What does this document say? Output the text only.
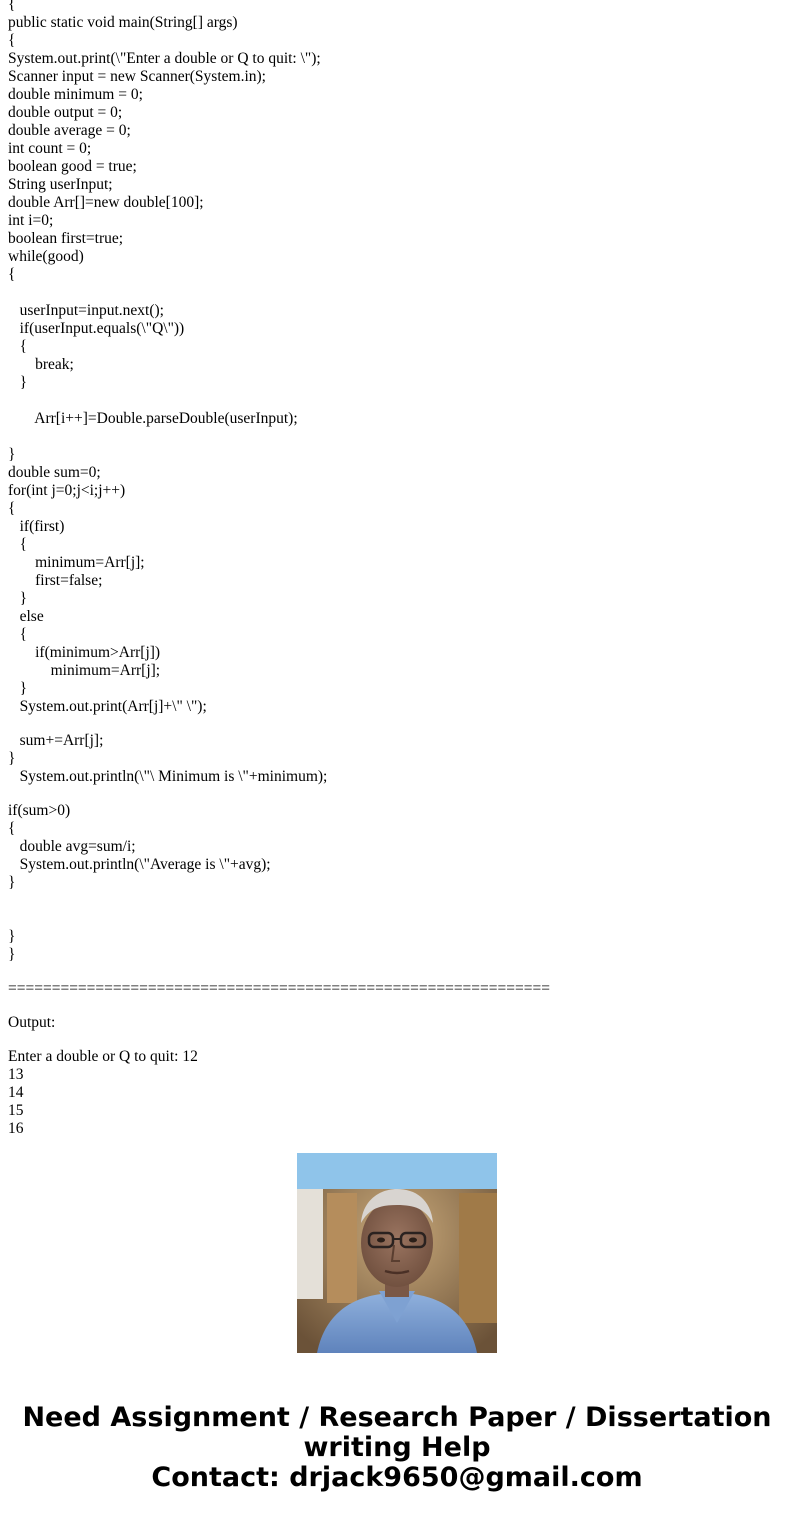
{
public static void main(String[] args)
{
System.out.print(\"Enter a double or Q to quit: \");
Scanner input = new Scanner(System.in);
double minimum = 0;
double output = 0;
double average = 0;
int count = 0;
boolean good = true;
String userInput;
double Arr[]=new double[100];
int i=0;
boolean first=true;
while(good)
{
userInput=input.next();
if(userInput.equals(\"Q\"))
{
break;
}
Arr[i++]=Double.parseDouble(userInput);
}
double sum=0;
for(int j=0;j<i;j++)
{
if(first)
{
minimum=Arr[j];
first=false;
}
else
{
if(minimum>Arr[j])
minimum=Arr[j];
}
System.out.print(Arr[j]+\" \");
sum+=Arr[j];
}
System.out.println(\"\ Minimum is \"+minimum);
if(sum>0)
{
double avg=sum/i;
System.out.println(\"Average is \"+avg);
}
}
}
==============================================================
Output:
Enter a double or Q to quit: 12
13
14
15
16
Need Assignment / Research Paper / Dissertation
writing Help
Contact: drjack9650@gmail.com
